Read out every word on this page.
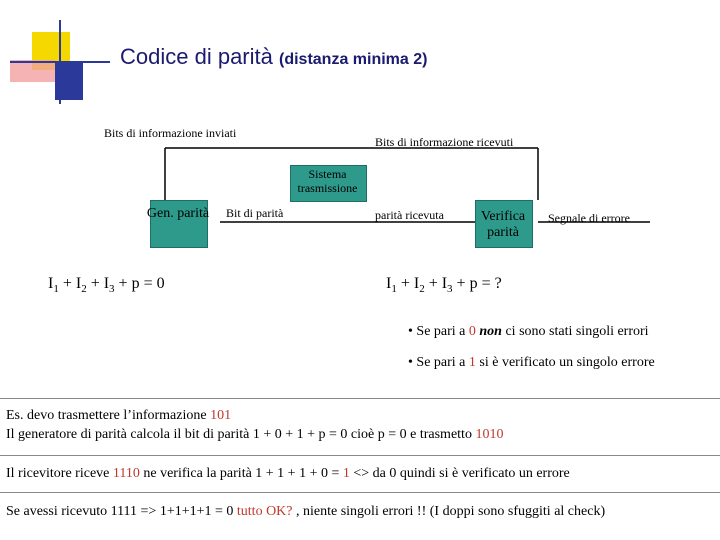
Codice di parità (distanza minima 2)
Bits di informazione inviati
Bits di informazione ricevuti
Sistema trasmissione
Gen. parità Bit di parità	parità ricevuta	Verifica parità
Segnale di errore
$I_1 + I_2 + I_3 + p = 0$	$I_1 + I_2 + I_3 + p$ = ?
• Se pari a 0 non ci sono stati singoli errori
• Se pari a 1 si è verificato un singolo errore
Es. devo trasmettere l’informazione 101
Il generatore di parità calcola il bit di parità 1 + 0 + 1 + p = 0 cioè p = 0 e trasmetto 1010
Il ricevitore riceve 1110 ne verifica la parità 1 + 1 + 1 + 0 = 1 <> da 0 quindi si è verificato un errore
Se avessi ricevuto 1111 => 1+1+1+1 = 0 tutto OK? , niente singoli errori !! (I doppi sono sfuggiti al check)
